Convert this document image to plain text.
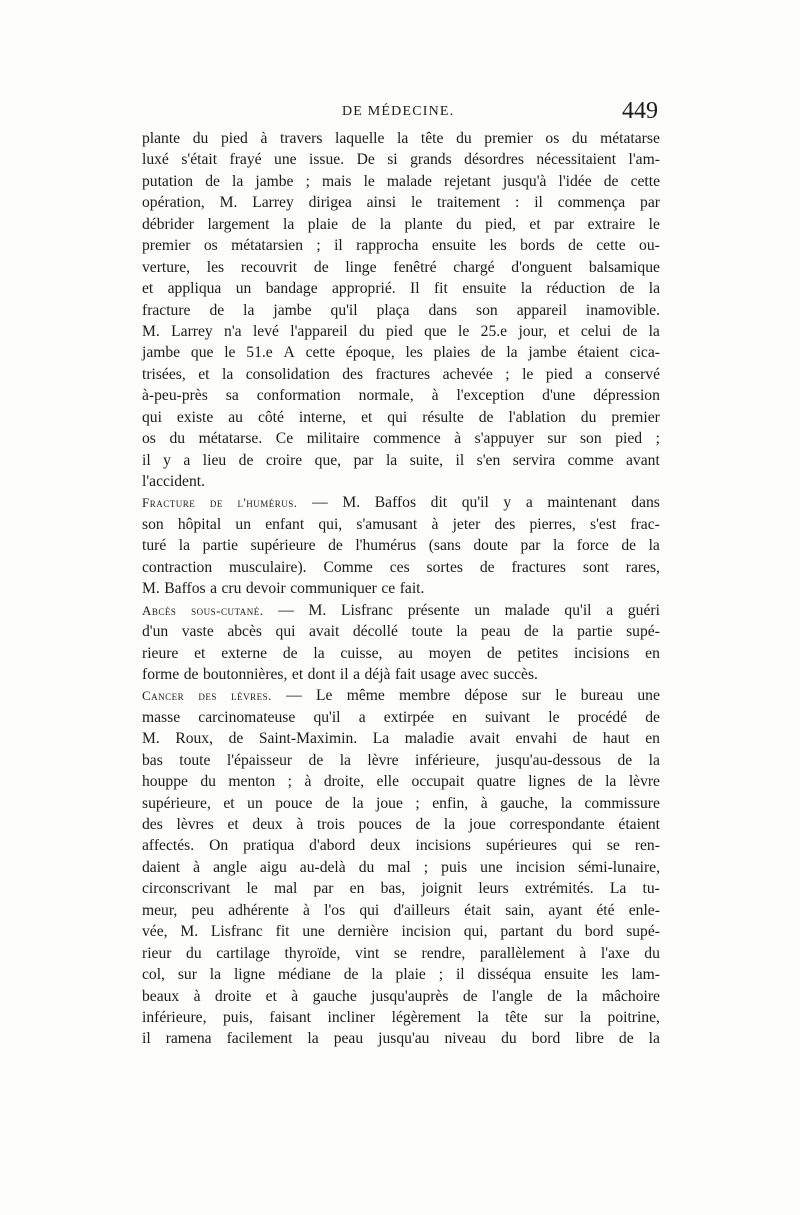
DE MÉDECINE.	449
plante du pied à travers laquelle la tête du premier os du métatarse
luxé s'était frayé une issue. De si grands désordres nécessitaient l'am-
putation de la jambe ; mais le malade rejetant jusqu'à l'idée de cette
opération, M. Larrey dirigea ainsi le traitement : il commença par
débrider largement la plaie de la plante du pied, et par extraire le
premier os métatarsien ; il rapprocha ensuite les bords de cette ou-
verture, les recouvrit de linge fenêtré chargé d'onguent balsamique
et appliqua un bandage approprié. Il fit ensuite la réduction de la
fracture de la jambe qu'il plaça dans son appareil inamovible.
M. Larrey n'a levé l'appareil du pied que le 25.e jour, et celui de la
jambe que le 51.e A cette époque, les plaies de la jambe étaient cica-
trisées, et la consolidation des fractures achevée ; le pied a conservé
à-peu-près sa conformation normale, à l'exception d'une dépression
qui existe au côté interne, et qui résulte de l'ablation du premier
os du métatarse. Ce militaire commence à s'appuyer sur son pied ;
il y a lieu de croire que, par la suite, il s'en servira comme avant
l'accident.
Fracture de l'humérus. — M. Baffos dit qu'il y a maintenant dans
son hôpital un enfant qui, s'amusant à jeter des pierres, s'est frac-
turé la partie supérieure de l'humérus (sans doute par la force de la
contraction musculaire). Comme ces sortes de fractures sont rares,
M. Baffos a cru devoir communiquer ce fait.
Abcès sous-cutané. — M. Lisfranc présente un malade qu'il a guéri
d'un vaste abcès qui avait décollé toute la peau de la partie supé-
rieure et externe de la cuisse, au moyen de petites incisions en
forme de boutonnières, et dont il a déjà fait usage avec succès.
Cancer des lèvres. — Le même membre dépose sur le bureau une
masse carcinomateuse qu'il a extirpée en suivant le procédé de
M. Roux, de Saint-Maximin. La maladie avait envahi de haut en
bas toute l'épaisseur de la lèvre inférieure, jusqu'au-dessous de la
houppe du menton ; à droite, elle occupait quatre lignes de la lèvre
supérieure, et un pouce de la joue ; enfin, à gauche, la commissure
des lèvres et deux à trois pouces de la joue correspondante étaient
affectés. On pratiqua d'abord deux incisions supérieures qui se ren-
daient à angle aigu au-delà du mal ; puis une incision sémi-lunaire,
circonscrivant le mal par en bas, joignit leurs extrémités. La tu-
meur, peu adhérente à l'os qui d'ailleurs était sain, ayant été enle-
vée, M. Lisfranc fit une dernière incision qui, partant du bord supé-
rieur du cartilage thyroïde, vint se rendre, parallèlement à l'axe du
col, sur la ligne médiane de la plaie ; il disséqua ensuite les lam-
beaux à droite et à gauche jusqu'auprès de l'angle de la mâchoire
inférieure, puis, faisant incliner légèrement la tête sur la poitrine,
il ramena facilement la peau jusqu'au niveau du bord libre de la
